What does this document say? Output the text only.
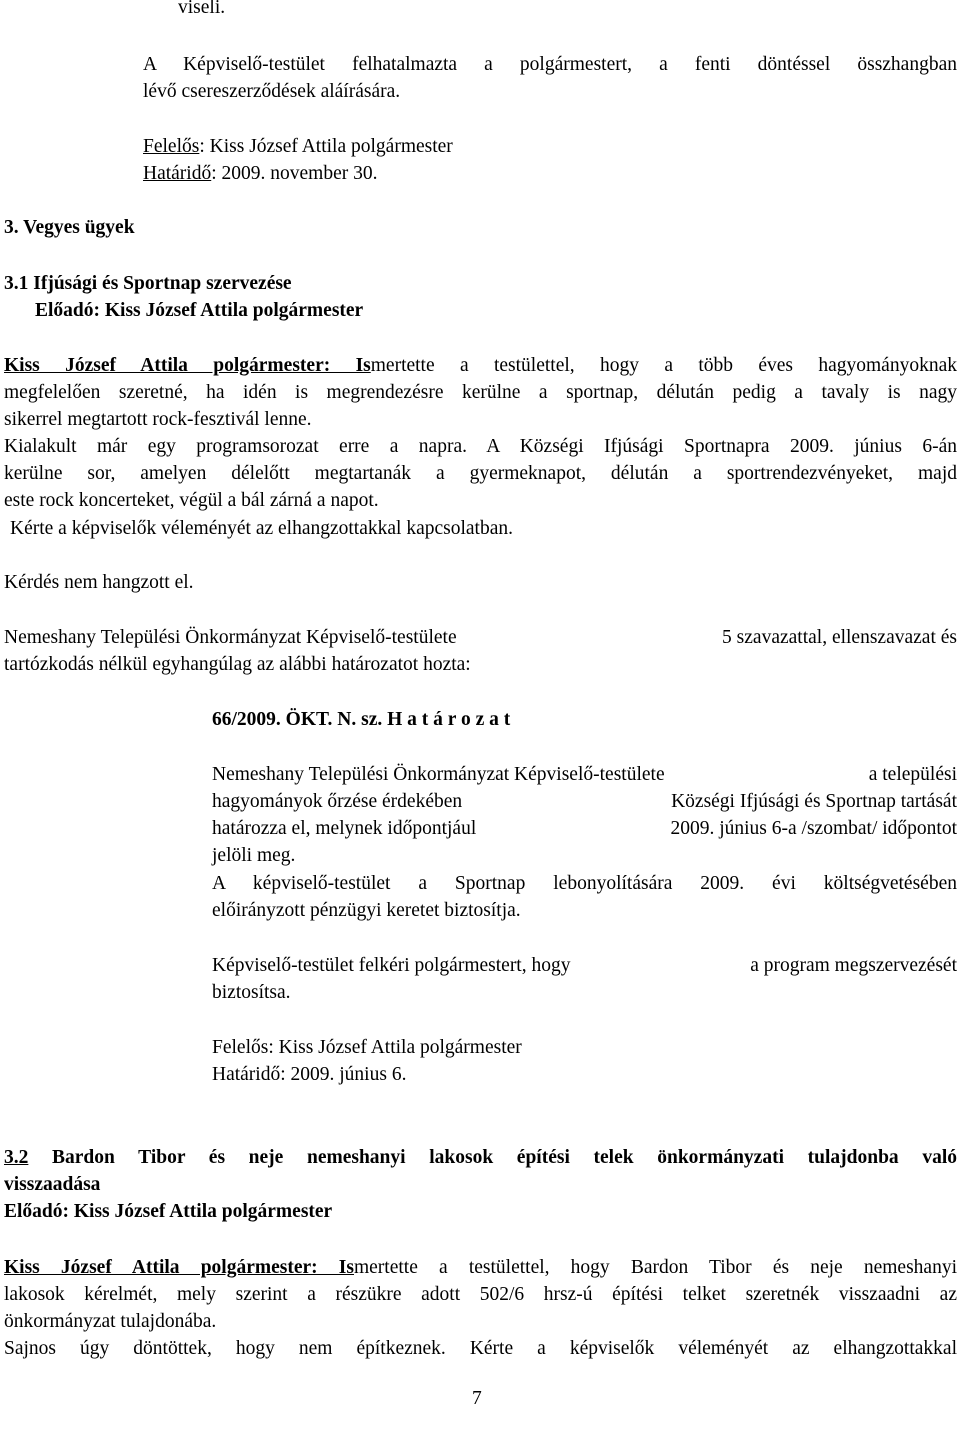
viseli.
A Képviselő-testület felhatalmazta a polgármestert, a fenti döntéssel összhangban
lévő csereszerződések aláírására.
Felelős: Kiss József Attila polgármester
Határidő: 2009. november 30.
3. Vegyes ügyek
3.1 Ifjúsági és Sportnap szervezése
Előadó: Kiss József Attila polgármester
Kiss József Attila polgármester: Ismertette a testülettel, hogy a több éves hagyományoknak
megfelelően szeretné, ha idén is megrendezésre kerülne a sportnap, délután pedig a tavaly is nagy
sikerrel megtartott rock-fesztivál lenne.
Kialakult már egy programsorozat erre a napra. A Községi Ifjúsági Sportnapra 2009. június 6-án
kerülne sor, amelyen délelőtt megtartanák a gyermeknapot, délután a sportrendezvényeket, majd
este rock koncerteket, végül a bál zárná a napot.
Kérte a képviselők véleményét az elhangzottakkal kapcsolatban.
Kérdés nem hangzott el.
Nemeshany Települési Önkormányzat Képviselő-testülete	5 szavazattal, ellenszavazat és
tartózkodás nélkül egyhangúlag az alábbi határozatot hozta:
66/2009. ÖKT. N. sz. H a t á r o z a t
Nemeshany Települési Önkormányzat Képviselő-testülete	a települési
hagyományok őrzése érdekében	Községi Ifjúsági és Sportnap tartását
határozza el, melynek időpontjául	2009. június 6-a /szombat/ időpontot
jelöli meg.
A képviselő-testület a Sportnap lebonyolítására 2009. évi költségvetésében
előirányzott pénzügyi keretet biztosítja.
Képviselő-testület felkéri polgármestert, hogy	a program megszervezését
biztosítsa.
Felelős: Kiss József Attila polgármester
Határidő: 2009. június 6.
3.2 Bardon Tibor és neje nemeshanyi lakosok építési telek önkormányzati tulajdonba való
visszaadása
Előadó: Kiss József Attila polgármester
Kiss József Attila polgármester: Ismertette a testülettel, hogy Bardon Tibor és neje nemeshanyi
lakosok kérelmét, mely szerint a részükre adott 502/6 hrsz-ú építési telket szeretnék visszaadni az
önkormányzat tulajdonába.
Sajnos úgy döntöttek, hogy nem építkeznek. Kérte a képviselők véleményét az elhangzottakkal
7
